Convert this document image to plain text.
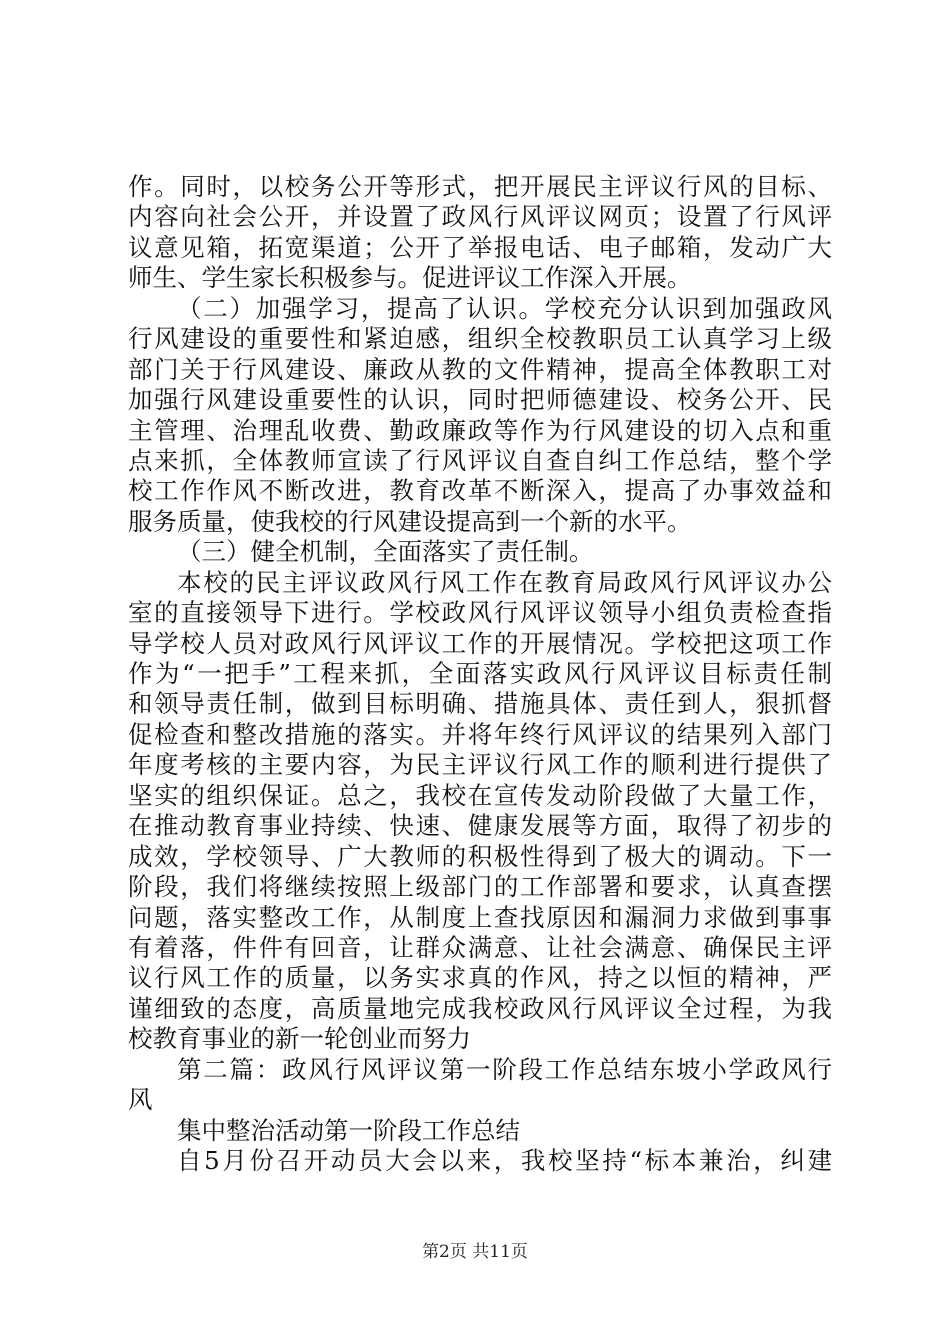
作。同时，以校务公开等形式，把开展民主评议行风的目标、
内容向社会公开，并设置了政风行风评议网页；设置了行风评
议意见箱，拓宽渠道；公开了举报电话、电子邮箱，发动广大
师生、学生家长积极参与。促进评议工作深入开展。
（二）加强学习，提高了认识。学校充分认识到加强政风
行风建设的重要性和紧迫感，组织全校教职员工认真学习上级
部门关于行风建设、廉政从教的文件精神，提高全体教职工对
加强行风建设重要性的认识，同时把师德建设、校务公开、民
主管理、治理乱收费、勤政廉政等作为行风建设的切入点和重
点来抓，全体教师宣读了行风评议自查自纠工作总结，整个学
校工作作风不断改进，教育改革不断深入，提高了办事效益和
服务质量，使我校的行风建设提高到一个新的水平。
（三）健全机制，全面落实了责任制。
本校的民主评议政风行风工作在教育局政风行风评议办公
室的直接领导下进行。学校政风行风评议领导小组负责检查指
导学校人员对政风行风评议工作的开展情况。学校把这项工作
作为“一把手”工程来抓，全面落实政风行风评议目标责任制
和领导责任制，做到目标明确、措施具体、责任到人，狠抓督
促检查和整改措施的落实。并将年终行风评议的结果列入部门
年度考核的主要内容，为民主评议行风工作的顺利进行提供了
坚实的组织保证。总之，我校在宣传发动阶段做了大量工作，
在推动教育事业持续、快速、健康发展等方面，取得了初步的
成效，学校领导、广大教师的积极性得到了极大的调动。下一
阶段，我们将继续按照上级部门的工作部署和要求，认真查摆
问题，落实整改工作，从制度上查找原因和漏洞力求做到事事
有着落，件件有回音，让群众满意、让社会满意、确保民主评
议行风工作的质量，以务实求真的作风，持之以恒的精神，严
谨细致的态度，高质量地完成我校政风行风评议全过程，为我
校教育事业的新一轮创业而努力
第二篇：政风行风评议第一阶段工作总结东坡小学政风行
风
集中整治活动第一阶段工作总结
自5月份召开动员大会以来，我校坚持“标本兼治，纠建
第2页 共11页
